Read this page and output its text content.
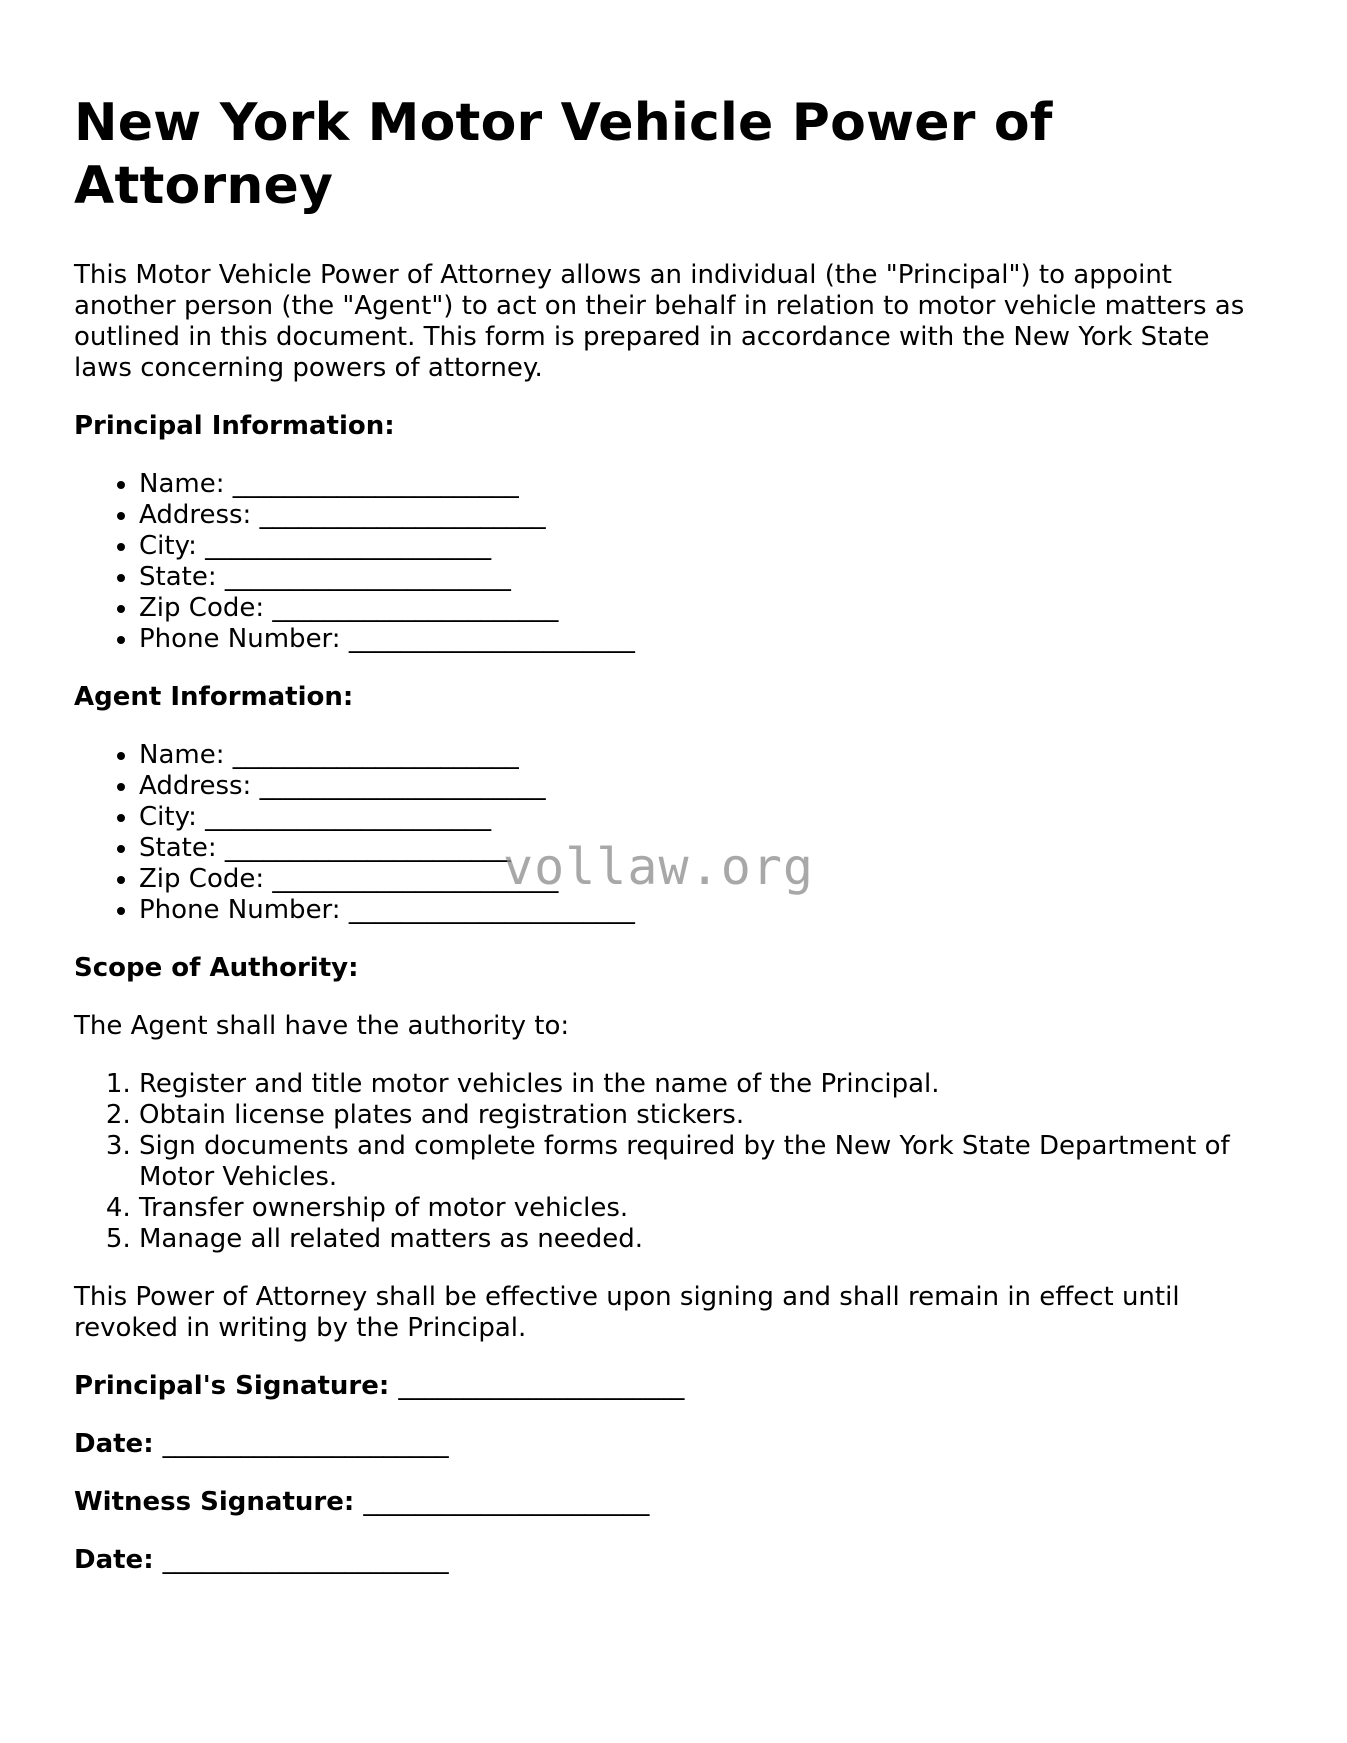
New York Motor Vehicle Power of Attorney

This Motor Vehicle Power of Attorney allows an individual (the "Principal") to appoint another person (the "Agent") to act on their behalf in relation to motor vehicle matters as outlined in this document. This form is prepared in accordance with the New York State laws concerning powers of attorney.

Principal Information:
• Name: ______________________
• Address: ______________________
• City: ______________________
• State: ______________________
• Zip Code: ______________________
• Phone Number: ______________________
Agent Information:
• Name: ______________________
• Address: ______________________
• City: ______________________
• State: ______________________
• Zip Code: ______________________
• Phone Number: ______________________
Scope of Authority:

The Agent shall have the authority to:

1. Register and title motor vehicles in the name of the Principal.
2. Obtain license plates and registration stickers.
3. Sign documents and complete forms required by the New York State Department of Motor Vehicles.
4. Transfer ownership of motor vehicles.
5. Manage all related matters as needed.

This Power of Attorney shall be effective upon signing and shall remain in effect until revoked in writing by the Principal.

Principal's Signature: ______________________
Date: ______________________
Witness Signature: ______________________
Date: ______________________
vollaw.org
